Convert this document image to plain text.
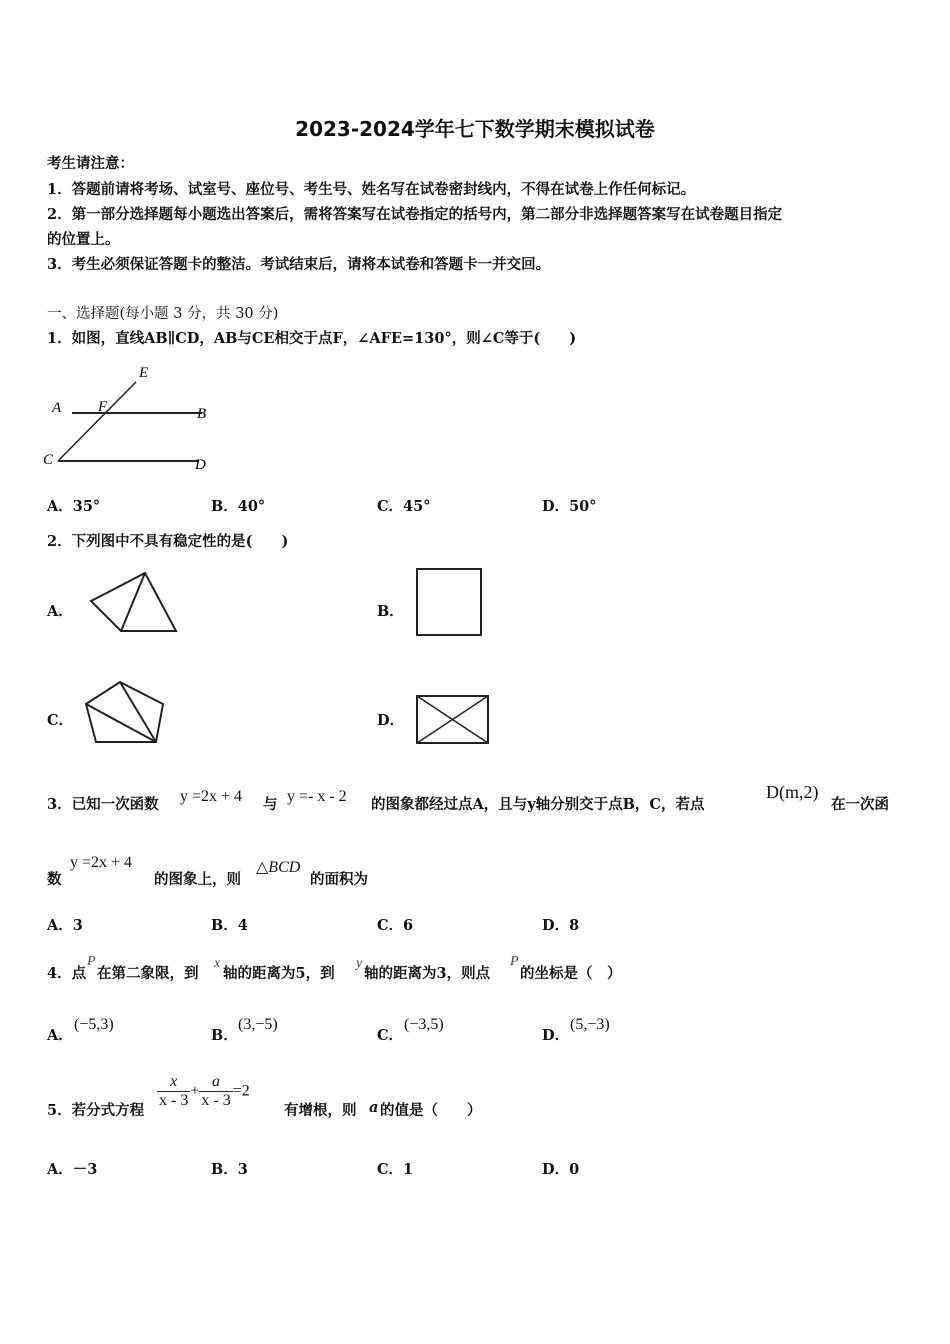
2023-2024学年七下数学期末模拟试卷
考生请注意：
1．答题前请将考场、试室号、座位号、考生号、姓名写在试卷密封线内，不得在试卷上作任何标记。
2．第一部分选择题每小题选出答案后，需将答案写在试卷指定的括号内，第二部分非选择题答案写在试卷题目指定
的位置上。
3．考生必须保证答题卡的整洁。考试结束后，请将本试卷和答题卡一并交回。
一、选择题(每小题 3 分，共 30 分)
1．如图，直线AB∥CD，AB与CE相交于点F，∠AFE=130°，则∠C等于(　　)
E
A F	B
C	D
A．35°	B．40°	C．45°	D．50°
2．下列图中不具有稳定性的是(　　)
A．	B．
C．	D．
3．已知一次函数 y =2x + 4 与 y =- x - 2 的图象都经过点A，且与y轴分别交于点B，C，若点
D(m,2)
在一次函
数
y =2x + 4
的图象上，则
△BCD
的面积为
A．3	B．4	C．6	D．8
4．点
P
在第二象限，到
x
轴的距离为5，到
y
轴的距离为3，则点
P
的坐标是（　）
A．
(−5,3)
B．
(3,−5)
C．
(−3,5)
D．
(5,−3)
5．若分式方程 $\frac{x}{x - 3} + \frac{a}{x - 3} =2$
有增根，则 a 的值是（　　）
A．－3	B．3	C．1	D．0
